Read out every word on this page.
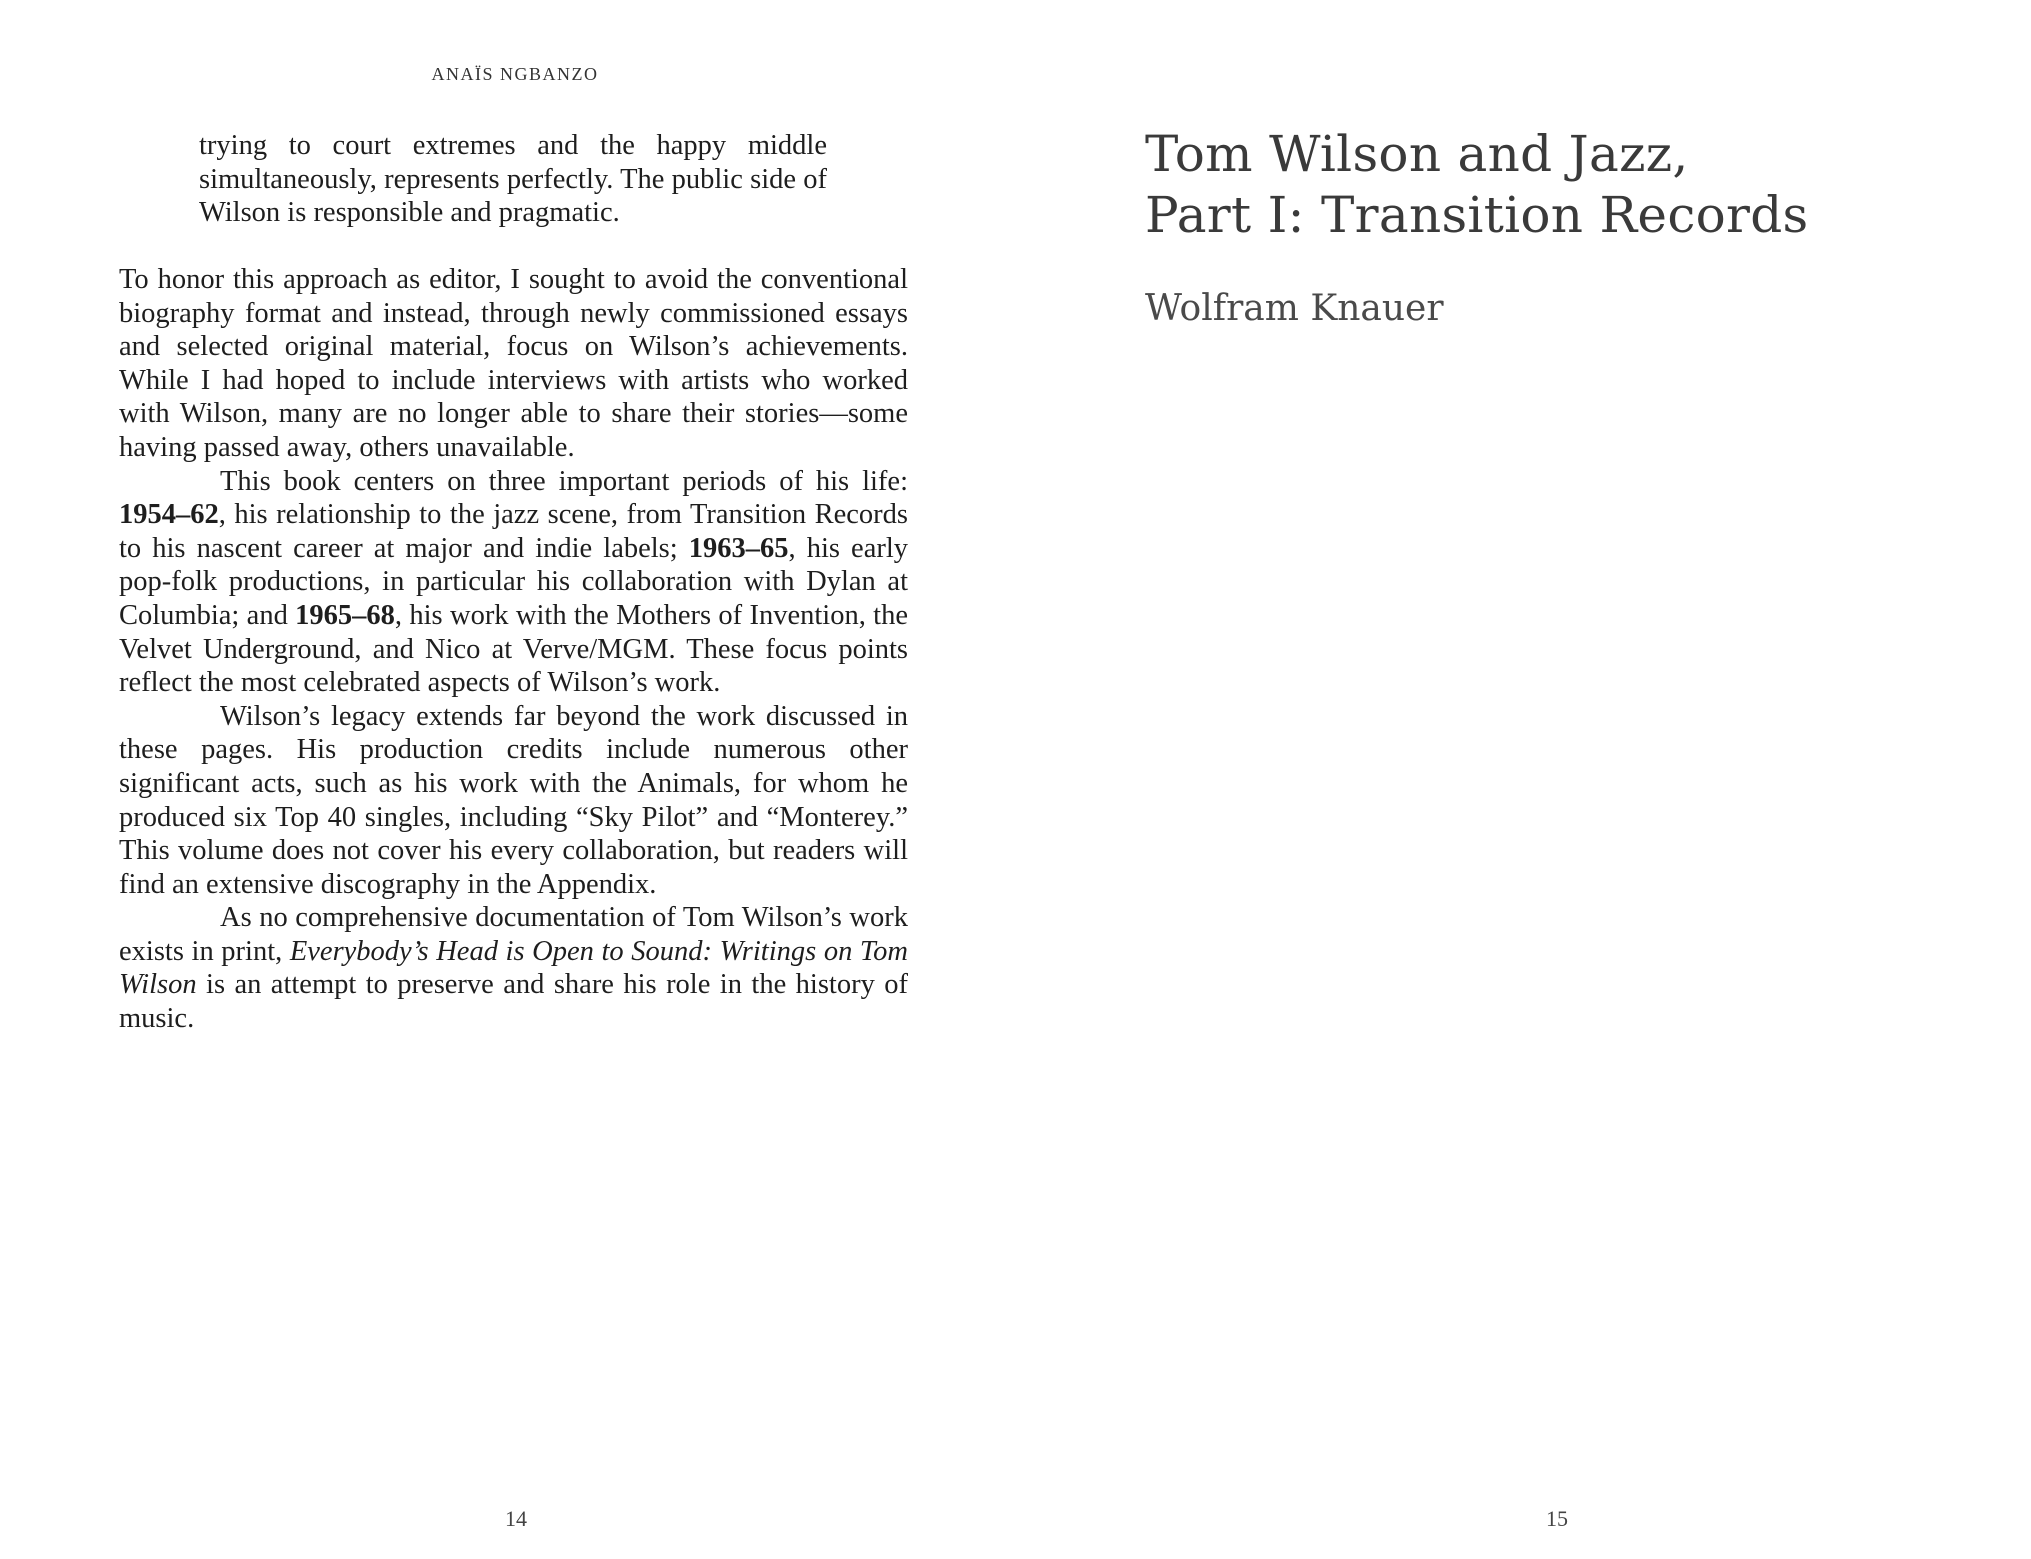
ANAÏS NGBANZO

trying to court extremes and the happy middle simultaneously, represents perfectly. The public side of Wilson is responsible and pragmatic.

To honor this approach as editor, I sought to avoid the conventional biography format and instead, through newly commissioned essays and selected original material, focus on Wilson’s achievements. While I had hoped to include interviews with artists who worked with Wilson, many are no longer able to share their stories—some having passed away, others unavailable.

This book centers on three important periods of his life: 1954–62, his relationship to the jazz scene, from Transition Records to his nascent career at major and indie labels; 1963–65, his early pop-folk productions, in particular his collaboration with Dylan at Columbia; and 1965–68, his work with the Mothers of Invention, the Velvet Underground, and Nico at Verve/MGM. These focus points reflect the most celebrated aspects of Wilson’s work.

Wilson’s legacy extends far beyond the work discussed in these pages. His production credits include numerous other significant acts, such as his work with the Animals, for whom he produced six Top 40 singles, including “Sky Pilot” and “Monterey.” This volume does not cover his every collaboration, but readers will find an extensive discography in the Appendix.

As no comprehensive documentation of Tom Wilson’s work exists in print, Everybody’s Head is Open to Sound: Writings on Tom Wilson is an attempt to preserve and share his role in the history of music.

14
Tom Wilson and Jazz,
Part I: Transition Records
Wolfram Knauer
15
